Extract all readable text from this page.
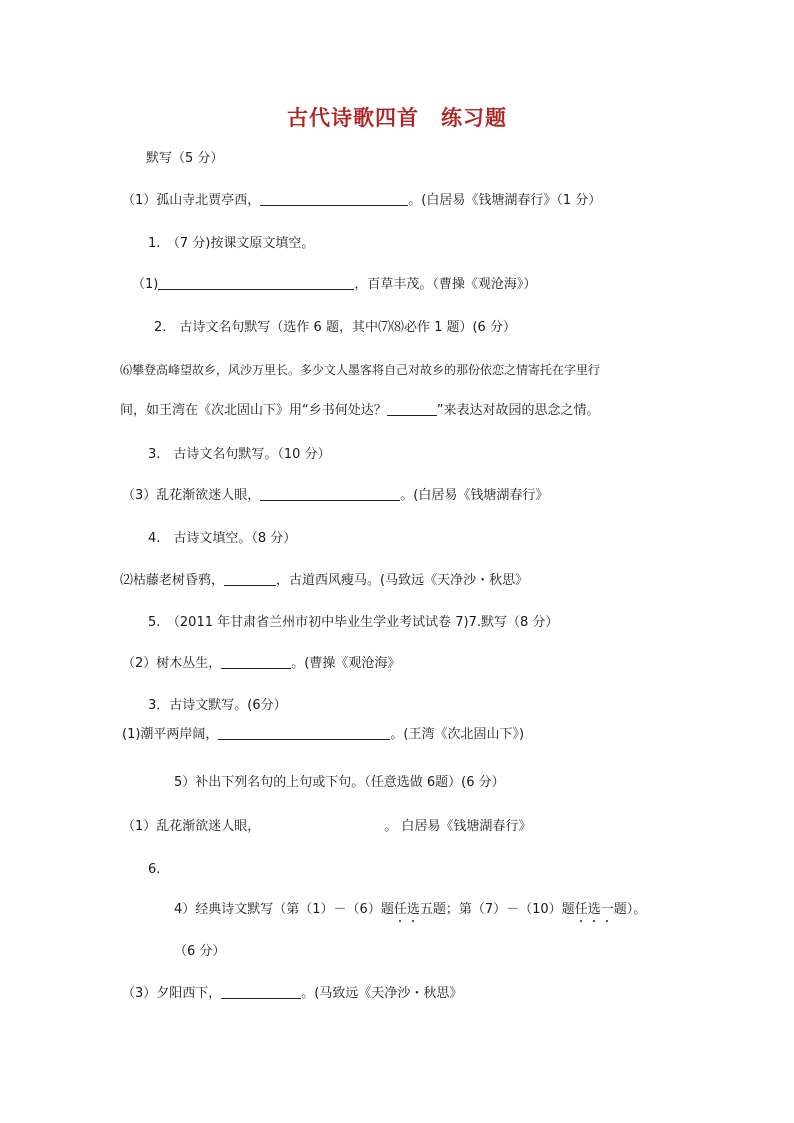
古代诗歌四首　练习题
默写（5 分）
（1）孤山寺北贾亭西，	。(白居易《钱塘湖春行》（1 分）
1.　（7 分)按课文原文填空。
（1)	，百草丰茂。（曹操《观沧海》）
2.　古诗文名句默写（选作 6 题，其中⑺⑻必作 1 题）(6 分）
⑹攀登高峰望故乡，风沙万里长。多少文人墨客将自己对故乡的那份依恋之情寄托在字里行
间，如王湾在《次北固山下》用“乡书何处达？	”来表达对故园的思念之情。
3.　古诗文名句默写。（10 分）
（3）乱花渐欲迷人眼，	。(白居易《钱塘湖春行》
4.　古诗文填空。（8 分）
⑵枯藤老树昏鸦，	，古道西风瘦马。(马致远《天净沙・秋思》
5.　（2011 年甘肃省兰州市初中毕业生学业考试试卷 7)7.默写（8 分）
（2）树木丛生，	。(曹操《观沧海》
3．古诗文默写。(6分）
(1)潮平两岸阔，	。(王湾《次北固山下》)
5）补出下列名句的上句或下句。（任意选做 6题）(6 分）
（1）乱花渐欲迷人眼，	。 白居易《钱塘湖春行》
6.
4）经典诗文默写（第（1）－（6）题任选五题；第（7）－（10）题任选一题）。
（6 分）
（3）夕阳西下，	。(马致远《天净沙・秋思》
